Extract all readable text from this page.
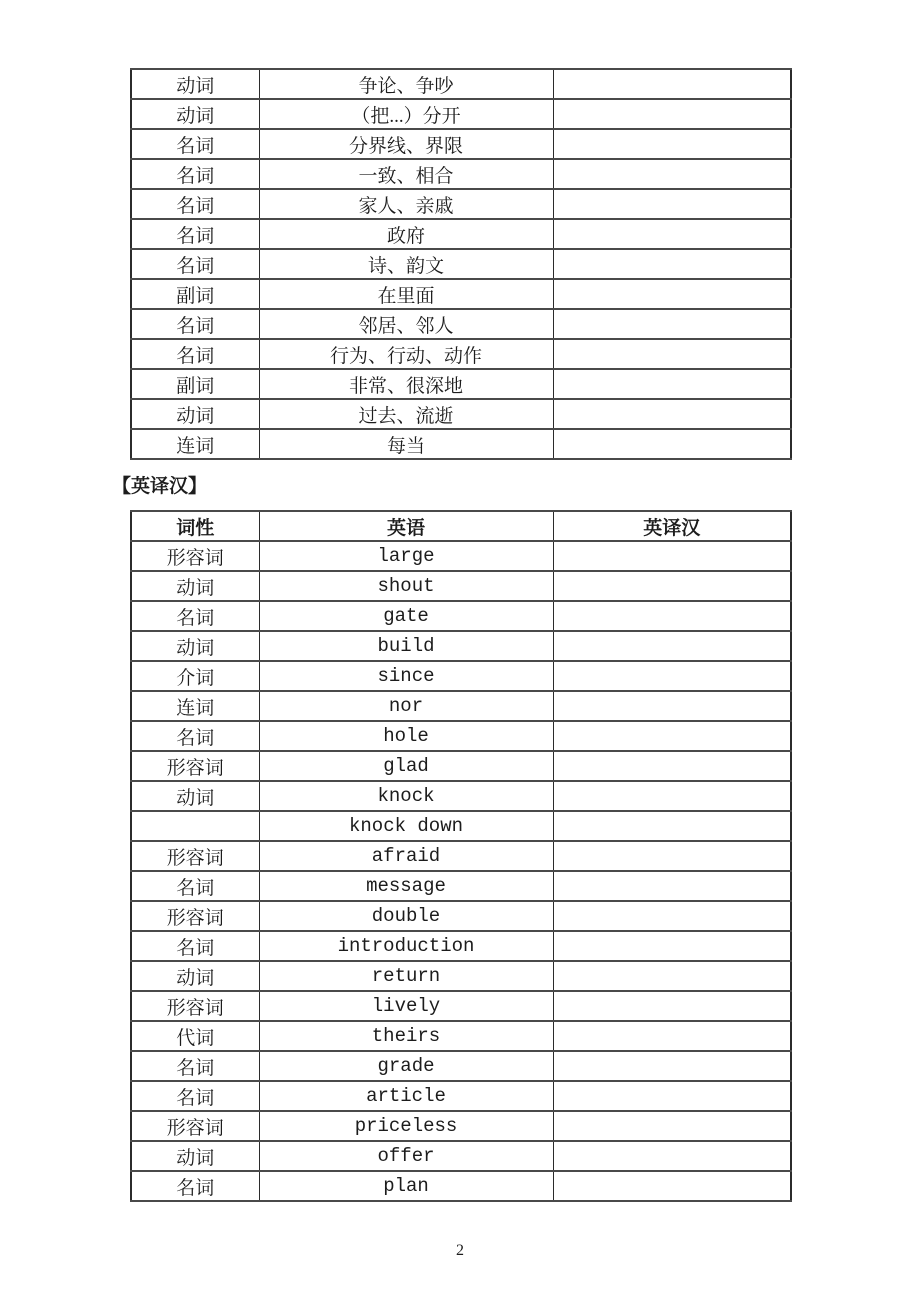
动词	争论、争吵	
动词	（把...）分开	
名词	分界线、界限	
名词	一致、相合	
名词	家人、亲戚	
名词	政府	
名词	诗、韵文	
副词	在里面	
名词	邻居、邻人	
名词	行为、行动、动作	
副词	非常、很深地	
动词	过去、流逝	
连词	每当	
【英译汉】
词性	英语	英译汉
形容词	large	
动词	shout	
名词	gate	
动词	build	
介词	since	
连词	nor	
名词	hole	
形容词	glad	
动词	knock	
	knock down	
形容词	afraid	
名词	message	
形容词	double	
名词	introduction	
动词	return	
形容词	lively	
代词	theirs	
名词	grade	
名词	article	
形容词	priceless	
动词	offer	
名词	plan	
2
